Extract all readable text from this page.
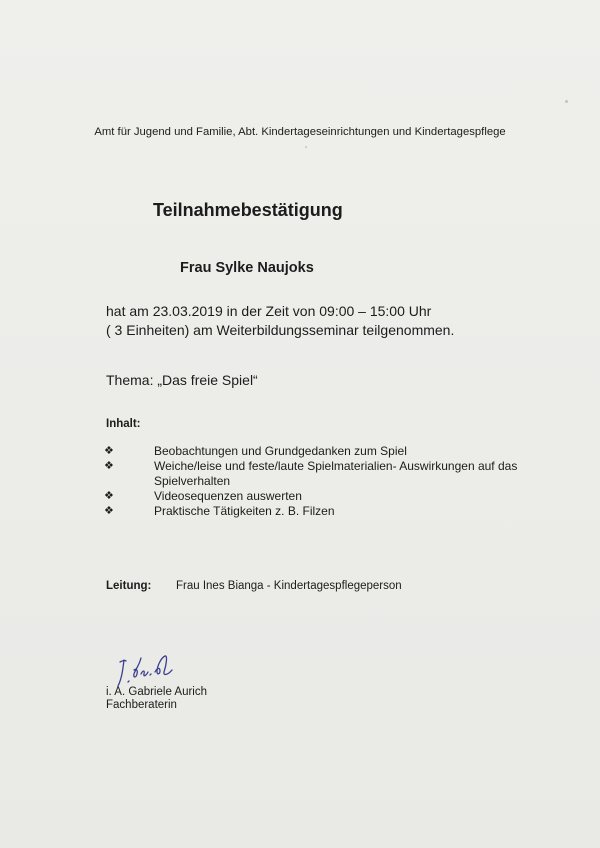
Amt für Jugend und Familie, Abt. Kindertageseinrichtungen und Kindertagespflege
Teilnahmebestätigung
Frau Sylke Naujoks
hat am 23.03.2019 in der Zeit von 09:00 – 15:00 Uhr
( 3 Einheiten) am Weiterbildungsseminar teilgenommen.
Thema: „Das freie Spiel“
Inhalt:
❖	Beobachtungen und Grundgedanken zum Spiel
❖	Weiche/leise und feste/laute Spielmaterialien- Auswirkungen auf das Spielverhalten
❖	Videosequenzen auswerten
❖	Praktische Tätigkeiten z. B. Filzen
Leitung: Frau Ines Bianga - Kindertagespflegeperson
i. A. Gabriele Aurich
Fachberaterin
